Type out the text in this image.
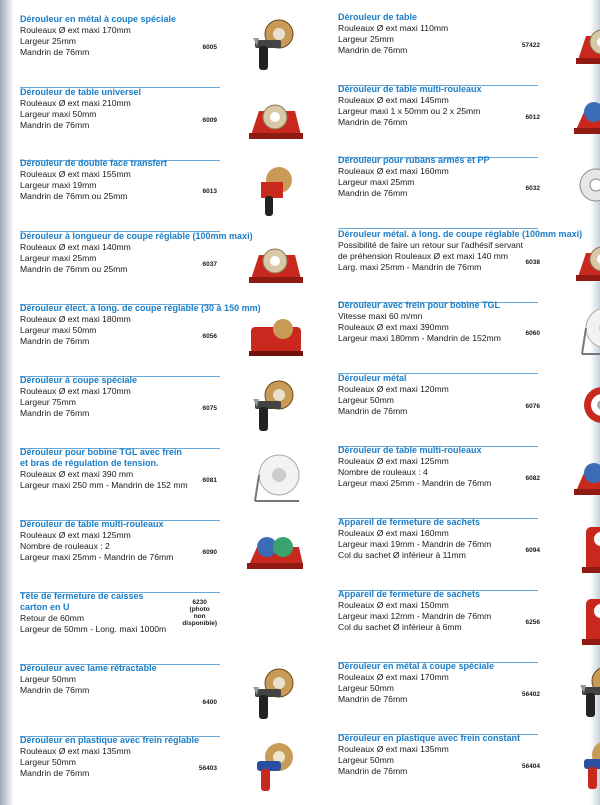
Dérouleur en métal à coupe spéciale
Rouleaux Ø ext maxi 170mm
Largeur 25mm
Mandrin de 76mm	6005
Dérouleur de table universel
Rouleaux Ø ext maxi 210mm
Largeur maxi 50mm
Mandrin de 76mm	6009
Dérouleur de double face transfert
Rouleaux Ø ext maxi 155mm
Largeur maxi 19mm
Mandrin de 76mm ou 25mm	6013
Dérouleur à longueur de coupe réglable (100mm maxi)
Rouleaux Ø ext maxi 140mm
Largeur maxi 25mm
Mandrin de 76mm ou 25mm	6037
Dérouleur élect. à long. de coupe réglable (30 à 150 mm)
Rouleaux Ø ext maxi 180mm
Largeur maxi 50mm
Mandrin de 76mm	6056
Dérouleur à coupe spéciale
Rouleaux Ø ext maxi 170mm
Largeur 75mm
Mandrin de 76mm	6075
Dérouleur pour bobine TGL avec frein
et bras de régulation de tension.
Rouleaux Ø ext maxi 390 mm
Largeur maxi 250 mm - Mandrin de 152 mm	6081
Dérouleur de table multi-rouleaux
Rouleaux Ø ext maxi 125mm
Nombre de rouleaux : 2
Largeur maxi 25mm - Mandrin de 76mm	6090
Tête de fermeture de caisses
carton en U
Retour de 60mm
Largeur de 50mm - Long. maxi 1000m
6230
(photo
non
disponible)
Dérouleur avec lame rétractable
Largeur 50mm
Mandrin de 76mm
6400
Dérouleur en plastique avec frein réglable
Rouleaux Ø ext maxi 135mm
Largeur 50mm
Mandrin de 76mm	56403
Dérouleur de table
Rouleaux Ø ext maxi 110mm
Largeur 25mm
Mandrin de 76mm	57422
Dérouleur de table multi-rouleaux
Rouleaux Ø ext maxi 145mm
Largeur maxi 1 x 50mm ou 2 x 25mm
Mandrin de 76mm	6012
Dérouleur pour rubans armés et PP
Rouleaux Ø ext maxi 160mm
Largeur maxi 25mm
Mandrin de 76mm	6032
Dérouleur métal. à long. de coupe réglable (100mm maxi)
Possibilité de faire un retour sur l'adhésif servant
de préhension Rouleaux Ø ext maxi 140 mm
Larg. maxi 25mm - Mandrin de 76mm	6038
Dérouleur avec frein pour bobine TGL
Vitesse maxi 60 m/mn
Rouleaux Ø ext maxi 390mm
Largeur maxi 180mm - Mandrin de 152mm	6060
Dérouleur métal
Rouleaux Ø ext maxi 120mm
Largeur 50mm
Mandrin de 76mm	6076
Dérouleur de table multi-rouleaux
Rouleaux Ø ext maxi 125mm
Nombre de rouleaux : 4
Largeur maxi 25mm - Mandrin de 76mm	6082
Appareil de fermeture de sachets
Rouleaux Ø ext maxi 160mm
Largeur maxi 19mm - Mandrin de 76mm
Col du sachet Ø inférieur à 11mm	6094
Appareil de fermeture de sachets
Rouleaux Ø ext maxi 150mm
Largeur maxi 12mm - Mandrin de 76mm
Col du sachet Ø inférieur à 6mm	6256
Dérouleur en métal à coupe spéciale
Rouleaux Ø ext maxi 170mm
Largeur 50mm
Mandrin de 76mm	56402
Dérouleur en plastique avec frein constant
Rouleaux Ø ext maxi 135mm
Largeur 50mm
Mandrin de 76mm	56404
